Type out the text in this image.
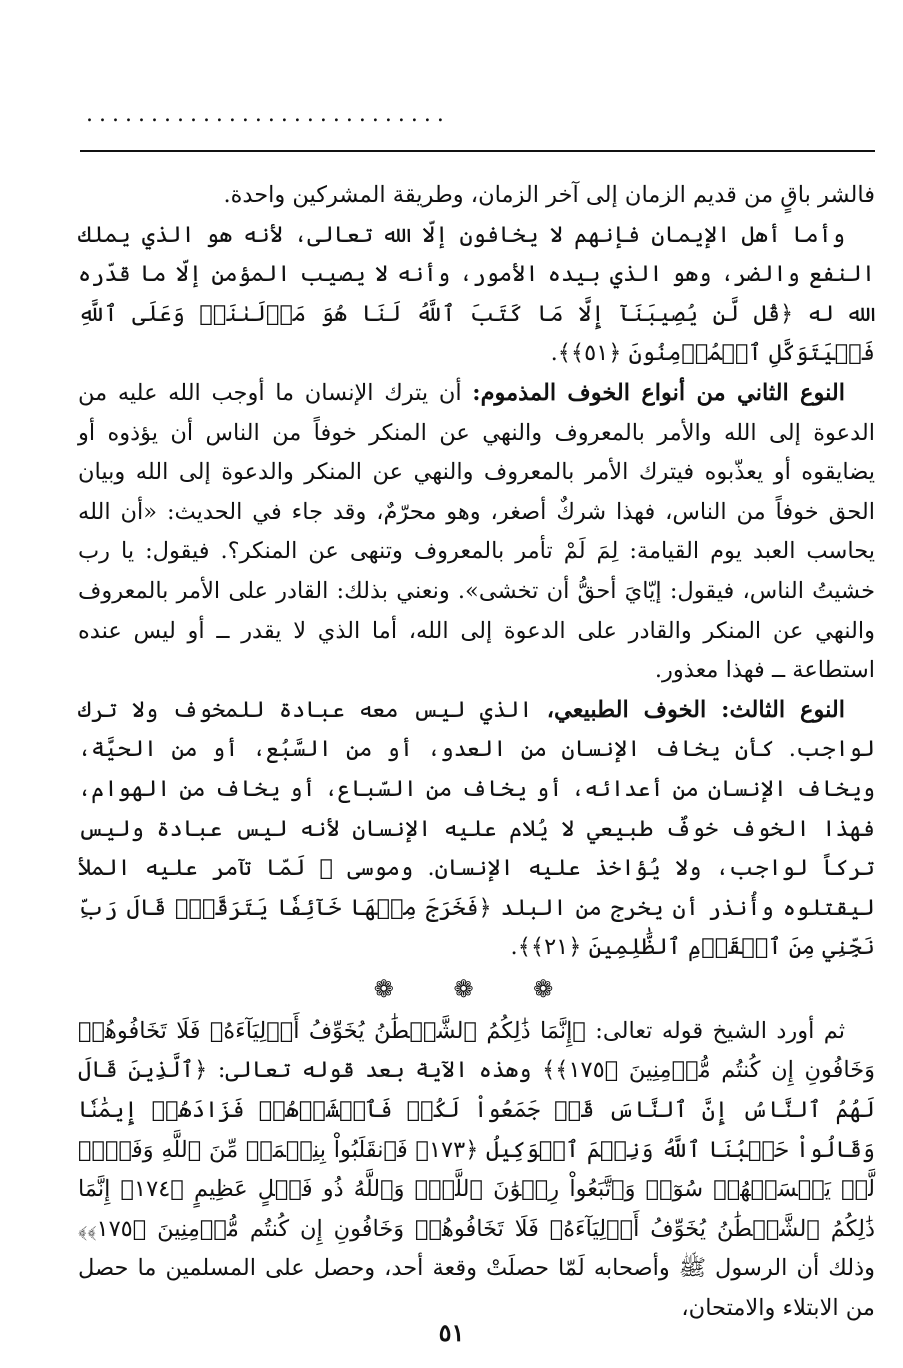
............................

فالشر باقٍ من قديم الزمان إلى آخر الزمان، وطريقة المشركين واحدة.

وأما أهل الإيمان فإنهم لا يخافون إلّا الله تعالى، لأنه هو الذي يملك النفع والضر، وهو الذي بيده الأمور، وأنه لا يصيب المؤمن إلّا ما قدّره الله له ﴿قُل لَّن يُصِيبَنَآ إِلَّا مَا كَتَبَ ٱللَّهُ لَنَا هُوَ مَوۡلَىٰنَاۚ وَعَلَى ٱللَّهِ فَلۡيَتَوَكَّلِ ٱلۡمُؤۡمِنُونَ ﴿٥١﴾﴾.

النوع الثاني من أنواع الخوف المذموم: أن يترك الإنسان ما أوجب الله عليه من الدعوة إلى الله والأمر بالمعروف والنهي عن المنكر خوفاً من الناس أن يؤذوه أو يضايقوه أو يعذّبوه فيترك الأمر بالمعروف والنهي عن المنكر والدعوة إلى الله وبيان الحق خوفاً من الناس، فهذا شركٌ أصغر، وهو محرّمٌ، وقد جاء في الحديث: «أن الله يحاسب العبد يوم القيامة: لِمَ لَمْ تأمر بالمعروف وتنهى عن المنكر؟. فيقول: يا رب خشيتُ الناس، فيقول: إيّايَ أحقُّ أن تخشى». ونعني بذلك: القادر على الأمر بالمعروف والنهي عن المنكر والقادر على الدعوة إلى الله، أما الذي لا يقدر ــ أو ليس عنده استطاعة ــ فهذا معذور.

النوع الثالث: الخوف الطبيعي، الذي ليس معه عبادة للمخوف ولا ترك لواجب. كأن يخاف الإنسان من العدو، أو من السَّبُع، أو من الحيَّة، ويخاف الإنسان من أعدائه، أو يخاف من السّباع، أو يخاف من الهوام، فهذا الخوف خوفٌ طبيعي لا يُلام عليه الإنسان لأنه ليس عبادة وليس تركاً لواجب، ولا يُؤاخذ عليه الإنسان. وموسى ﷺ لَمّا تآمر عليه الملأ ليقتلوه وأُنذر أن يخرج من البلد ﴿فَخَرَجَ مِنۡهَا خَآئِفٗا يَتَرَقَّبُۖ قَالَ رَبِّ نَجِّنِي مِنَ ٱلۡقَوۡمِ ٱلظَّٰلِمِينَ ﴿٢١﴾﴾.

❁ ❁ ❁

ثم أورد الشيخ قوله تعالى: ﴿إِنَّمَا ذَٰلِكُمُ ٱلشَّيۡطَٰنُ يُخَوِّفُ أَوۡلِيَآءَهُۥ فَلَا تَخَافُوهُمۡ وَخَافُونِ إِن كُنتُم مُّؤۡمِنِينَ ﴿١٧٥﴾﴾ وهذه الآية بعد قوله تعالى: ﴿ٱلَّذِينَ قَالَ لَهُمُ ٱلنَّاسُ إِنَّ ٱلنَّاسَ قَدۡ جَمَعُواْ لَكُمۡ فَٱخۡشَوۡهُمۡ فَزَادَهُمۡ إِيمَٰنٗا وَقَالُواْ حَسۡبُنَا ٱللَّهُ وَنِعۡمَ ٱلۡوَكِيلُ ﴿١٧٣﴾ فَٱنقَلَبُواْ بِنِعۡمَةٖ مِّنَ ٱللَّهِ وَفَضۡلٖ لَّمۡ يَمۡسَسۡهُمۡ سُوٓءٞ وَٱتَّبَعُواْ رِضۡوَٰنَ ٱللَّهِۗ وَٱللَّهُ ذُو فَضۡلٍ عَظِيمٍ ﴿١٧٤﴾ إِنَّمَا ذَٰلِكُمُ ٱلشَّيۡطَٰنُ يُخَوِّفُ أَوۡلِيَآءَهُۥ فَلَا تَخَافُوهُمۡ وَخَافُونِ إِن كُنتُم مُّؤۡمِنِينَ ﴿١٧٥﴾﴾ وذلك أن الرسول ﷺ وأصحابه لَمّا حصلَتْ وقعة أحد، وحصل على المسلمين ما حصل من الابتلاء والامتحان،

٥١
